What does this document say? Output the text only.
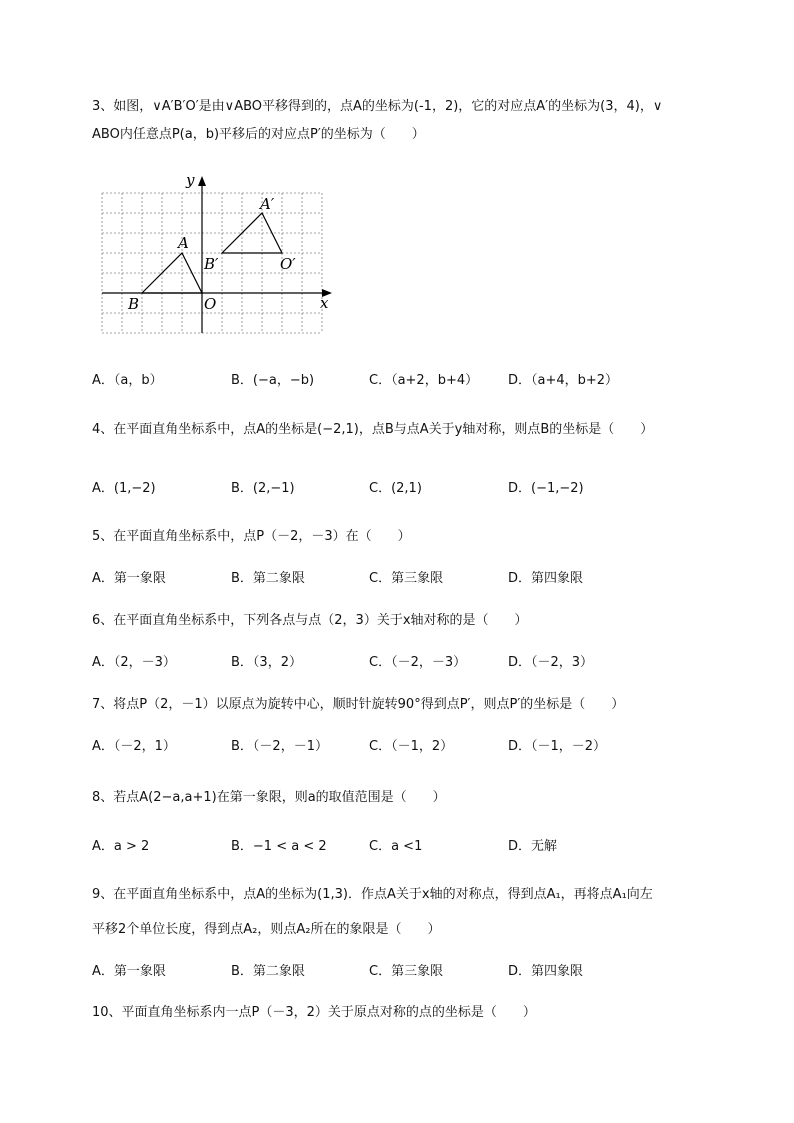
3、如图，∨A′B′O′是由∨ABO平移得到的，点A的坐标为(-1，2)，它的对应点A′的坐标为(3，4)，∨
ABO内任意点P(a，b)平移后的对应点P′的坐标为（　　）
y
x
O
B
A
A′
B′	O′
A．（a，b）	B．(−a，−b)	C．（a+2，b+4） D．（a+4，b+2）
4、在平面直角坐标系中，点A的坐标是(−2,1)，点B与点A关于y轴对称，则点B的坐标是（　　）
A．(1,−2)	B．(2,−1)	C．(2,1)	D．(−1,−2)
5、在平面直角坐标系中，点P（－2，－3）在（　　）
A．第一象限	B．第二象限	C．第三象限	D．第四象限
6、在平面直角坐标系中，下列各点与点（2，3）关于x轴对称的是（　　）
A．（2，－3）	B．（3，2）	C．（－2，－3）	D．（－2，3）
7、将点P（2，－1）以原点为旋转中心，顺时针旋转90°得到点P′，则点P′的坐标是（　　）
A．（－2，1）	B．（－2，－1）	C．（－1，2）	D．（－1，－2）
8、若点A(2−a,a+1)在第一象限，则a的取值范围是（　　）
A．a > 2	B．−1 < a < 2	C．a <1	D．无解
9、在平面直角坐标系中，点A的坐标为(1,3)．作点A关于x轴的对称点，得到点A₁，再将点A₁向左
平移2个单位长度，得到点A₂，则点A₂所在的象限是（　　）
A．第一象限	B．第二象限	C．第三象限	D．第四象限
10、平面直角坐标系内一点P（－3，2）关于原点对称的点的坐标是（　　）
